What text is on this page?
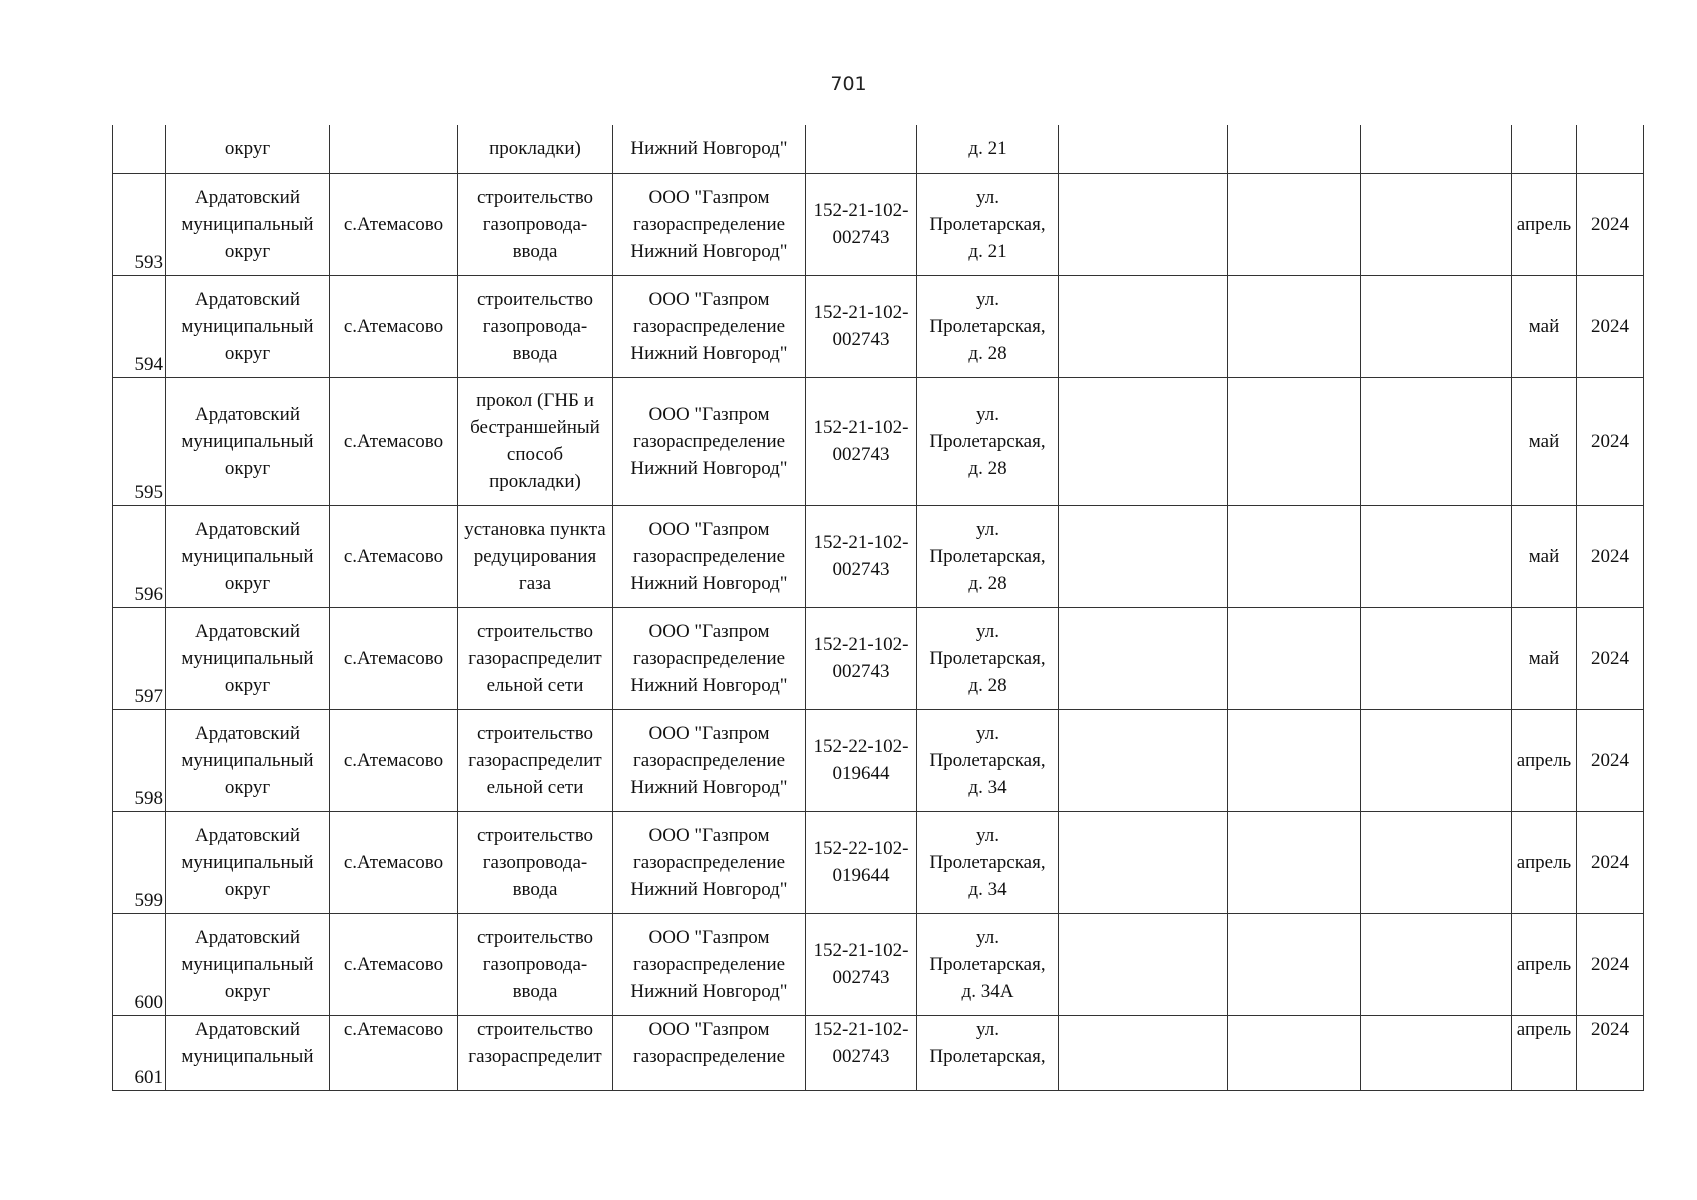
701
	округ		прокладки)	Нижний Новгород"		д. 21					
593	Ардатовский
муниципальный
округ	с.Атемасово	строительство
газопровода-
ввода	ООО "Газпром
газораспределение
Нижний Новгород"	152-21-102-
002743	ул.
Пролетарская,
д. 21				апрель	2024
594	Ардатовский
муниципальный
округ	с.Атемасово	строительство
газопровода-
ввода	ООО "Газпром
газораспределение
Нижний Новгород"	152-21-102-
002743	ул.
Пролетарская,
д. 28				май	2024
595	Ардатовский
муниципальный
округ	с.Атемасово	прокол (ГНБ и
бестраншейный
способ
прокладки)	ООО "Газпром
газораспределение
Нижний Новгород"	152-21-102-
002743	ул.
Пролетарская,
д. 28				май	2024
596	Ардатовский
муниципальный
округ	с.Атемасово	установка пункта
редуцирования
газа	ООО "Газпром
газораспределение
Нижний Новгород"	152-21-102-
002743	ул.
Пролетарская,
д. 28				май	2024
597	Ардатовский
муниципальный
округ	с.Атемасово	строительство
газораспределит
ельной сети	ООО "Газпром
газораспределение
Нижний Новгород"	152-21-102-
002743	ул.
Пролетарская,
д. 28				май	2024
598	Ардатовский
муниципальный
округ	с.Атемасово	строительство
газораспределит
ельной сети	ООО "Газпром
газораспределение
Нижний Новгород"	152-22-102-
019644	ул.
Пролетарская,
д. 34				апрель	2024
599	Ардатовский
муниципальный
округ	с.Атемасово	строительство
газопровода-
ввода	ООО "Газпром
газораспределение
Нижний Новгород"	152-22-102-
019644	ул.
Пролетарская,
д. 34				апрель	2024
600	Ардатовский
муниципальный
округ	с.Атемасово	строительство
газопровода-
ввода	ООО "Газпром
газораспределение
Нижний Новгород"	152-21-102-
002743	ул.
Пролетарская,
д. 34А				апрель	2024
601	Ардатовский
муниципальный	с.Атемасово	строительство
газораспределит	ООО "Газпром
газораспределение	152-21-102-
002743	ул.
Пролетарская,				апрель	2024
